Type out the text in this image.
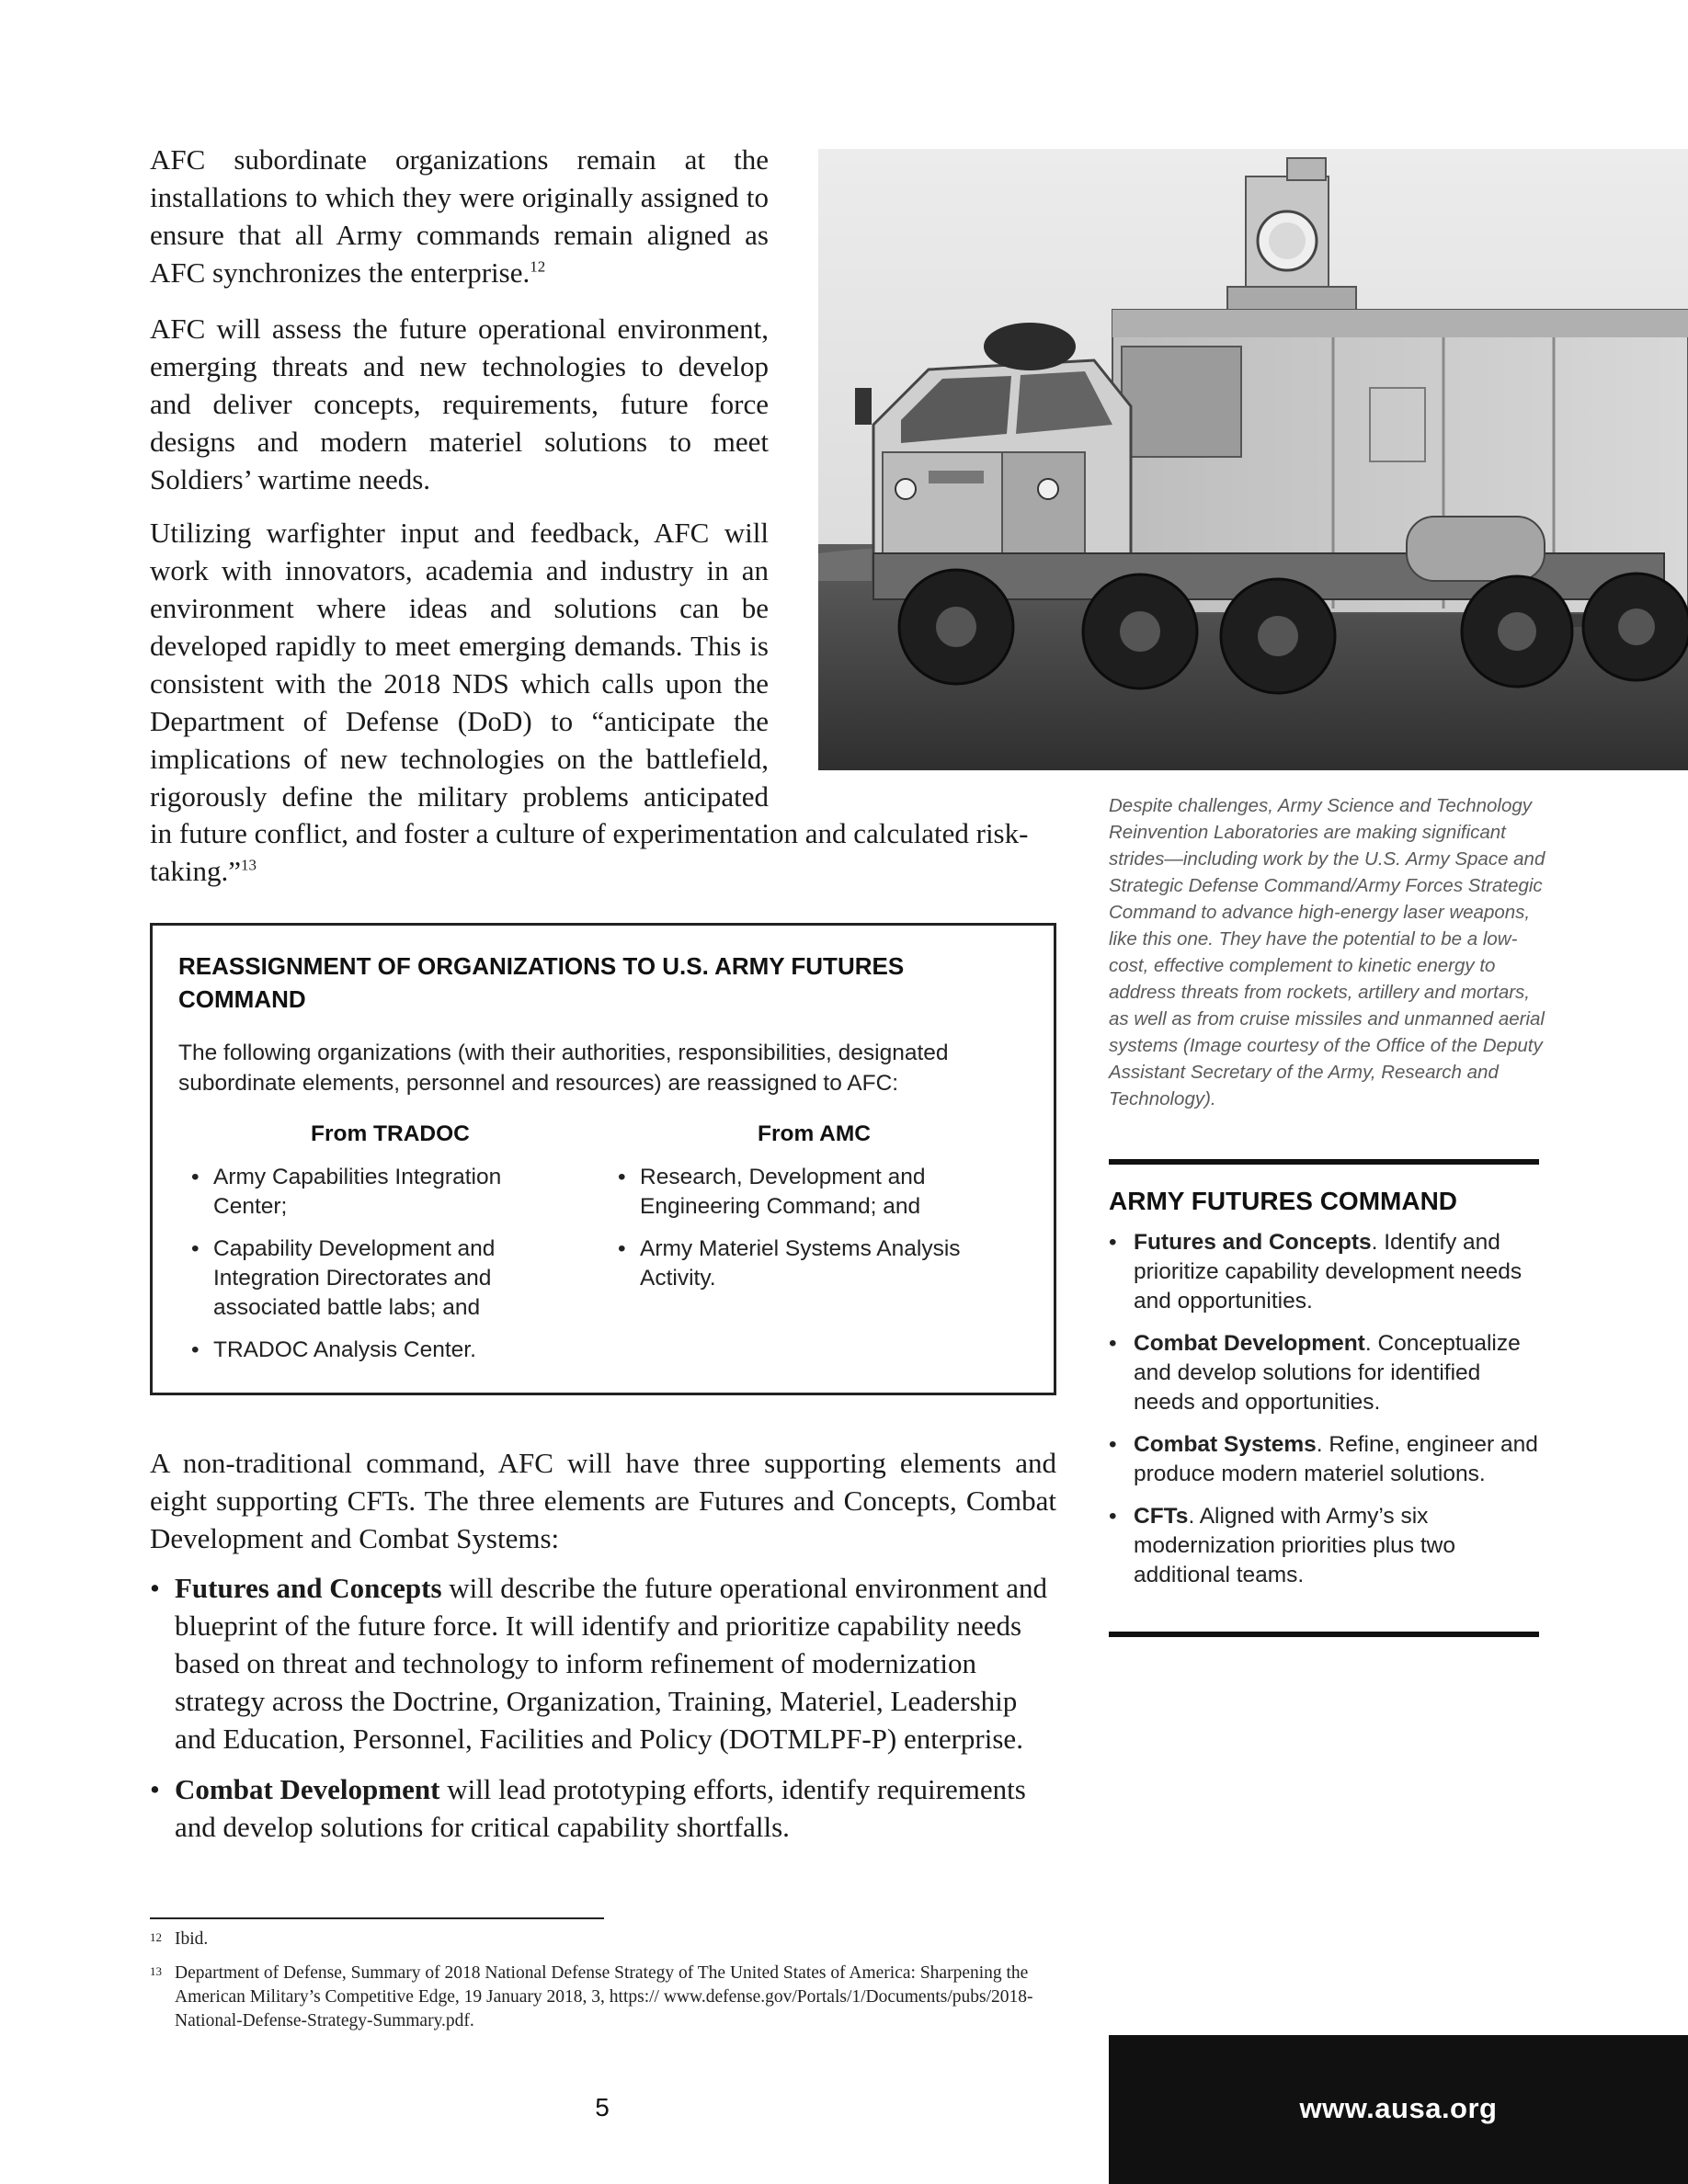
AFC subordinate organizations remain at the installations to which they were originally assigned to ensure that all Army commands remain aligned as AFC synchronizes the enterprise.$^{12}$

AFC will assess the future operational environment, emerging threats and new technologies to develop and deliver concepts, requirements, future force designs and modern materiel solutions to meet Soldiers’ wartime needs.

Utilizing warfighter input and feedback, AFC will work with innovators, academia and industry in an environment where ideas and solutions can be developed rapidly to meet emerging demands. This is consistent with the 2018 NDS which calls upon the Department of Defense (DoD) to “anticipate the implications of new technologies on the battlefield, rigorously define the military problems anticipated

in future conflict, and foster a culture of experimentation and calculated risk-taking.”$^{13}$

Despite challenges, Army Science and Technology Reinvention Laboratories are making significant strides—including work by the U.S. Army Space and Strategic Defense Command/Army Forces Strategic Command to advance high-energy laser weapons, like this one. They have the potential to be a low-cost, effective complement to kinetic energy to address threats from rockets, artillery and mortars, as well as from cruise missiles and unmanned aerial systems (Image courtesy of the Office of the Deputy Assistant Secretary of the Army, Research and Technology).

REASSIGNMENT OF ORGANIZATIONS TO U.S. ARMY FUTURES COMMAND

The following organizations (with their authorities, responsibilities, designated subordinate elements, personnel and resources) are reassigned to AFC:

From TRADOC
• Army Capabilities Integration Center;
• Capability Development and Integration Directorates and associated battle labs; and
• TRADOC Analysis Center.
From AMC
• Research, Development and Engineering Command; and
• Army Materiel Systems Analysis Activity.

A non-traditional command, AFC will have three supporting elements and eight supporting CFTs. The three elements are Futures and Concepts, Combat Development and Combat Systems:

• Futures and Concepts will describe the future operational environment and blueprint of the future force. It will identify and prioritize capability needs based on threat and technology to inform refinement of modernization strategy across the Doctrine, Organization, Training, Materiel, Leadership and Education, Personnel, Facilities and Policy (DOTMLPF-P) enterprise.
• Combat Development will lead prototyping efforts, identify requirements and develop solutions for critical capability shortfalls.

ARMY FUTURES COMMAND

• Futures and Concepts. Identify and prioritize capability development needs and opportunities.
• Combat Development. Conceptualize and develop solutions for identified needs and opportunities.
• Combat Systems. Refine, engineer and produce modern materiel solutions.
• CFTs. Aligned with Army’s six modernization priorities plus two additional teams.

12 Ibid.

13 Department of Defense, Summary of 2018 National Defense Strategy of The United States of America: Sharpening the American Military’s Competitive Edge, 19 January 2018, 3, https:// www.defense.gov/Portals/1/Documents/pubs/2018-National-Defense-Strategy-Summary.pdf.

5	www.ausa.org
